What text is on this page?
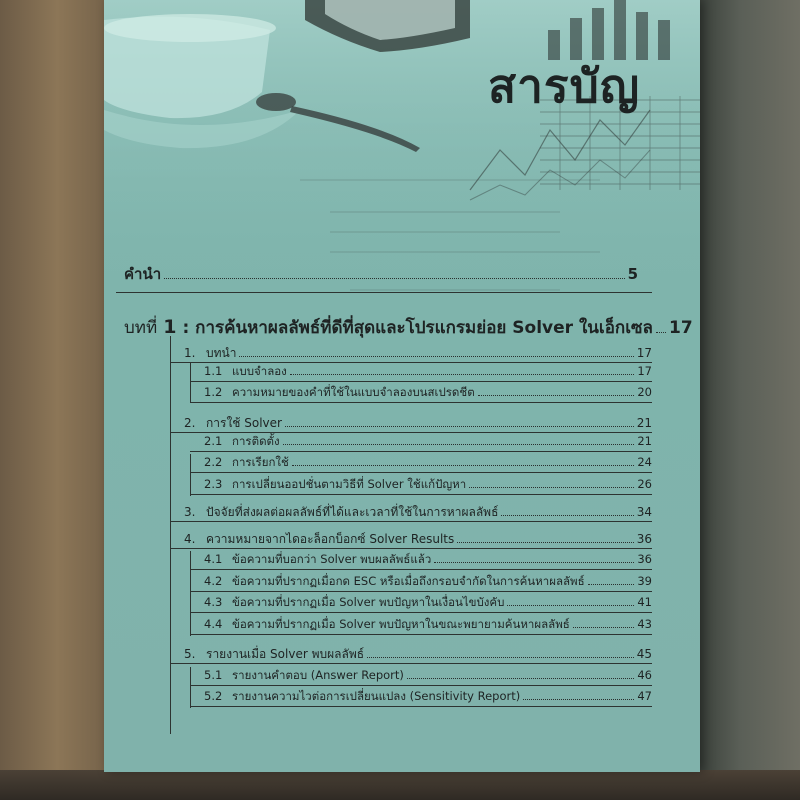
สารบัญ
คำนำ	5
บทที่ 1 : การค้นหาผลลัพธ์ที่ดีที่สุดและโปรแกรมย่อย Solver ในเอ็กเซล 17
1. บทนำ	17
1.1 แบบจำลอง	17
1.2 ความหมายของคำที่ใช้ในแบบจำลองบนสเปรดชีต	20
2. การใช้ Solver	21
2.1 การติดตั้ง	21
2.2 การเรียกใช้	24
2.3 การเปลี่ยนออปชั่นตามวิธีที่ Solver ใช้แก้ปัญหา	26
3. ปัจจัยที่ส่งผลต่อผลลัพธ์ที่ได้และเวลาที่ใช้ในการหาผลลัพธ์	34
4. ความหมายจากไดอะล็อกบ็อกซ์ Solver Results	36
4.1 ข้อความที่บอกว่า Solver พบผลลัพธ์แล้ว	36
4.2 ข้อความที่ปรากฏเมื่อกด ESC หรือเมื่อถึงกรอบจำกัดในการค้นหาผลลัพธ์	39
4.3 ข้อความที่ปรากฏเมื่อ Solver พบปัญหาในเงื่อนไขบังคับ	41
4.4 ข้อความที่ปรากฏเมื่อ Solver พบปัญหาในขณะพยายามค้นหาผลลัพธ์	43
5. รายงานเมื่อ Solver พบผลลัพธ์	45
5.1 รายงานคำตอบ (Answer Report)	46
5.2 รายงานความไวต่อการเปลี่ยนแปลง (Sensitivity Report)	47
